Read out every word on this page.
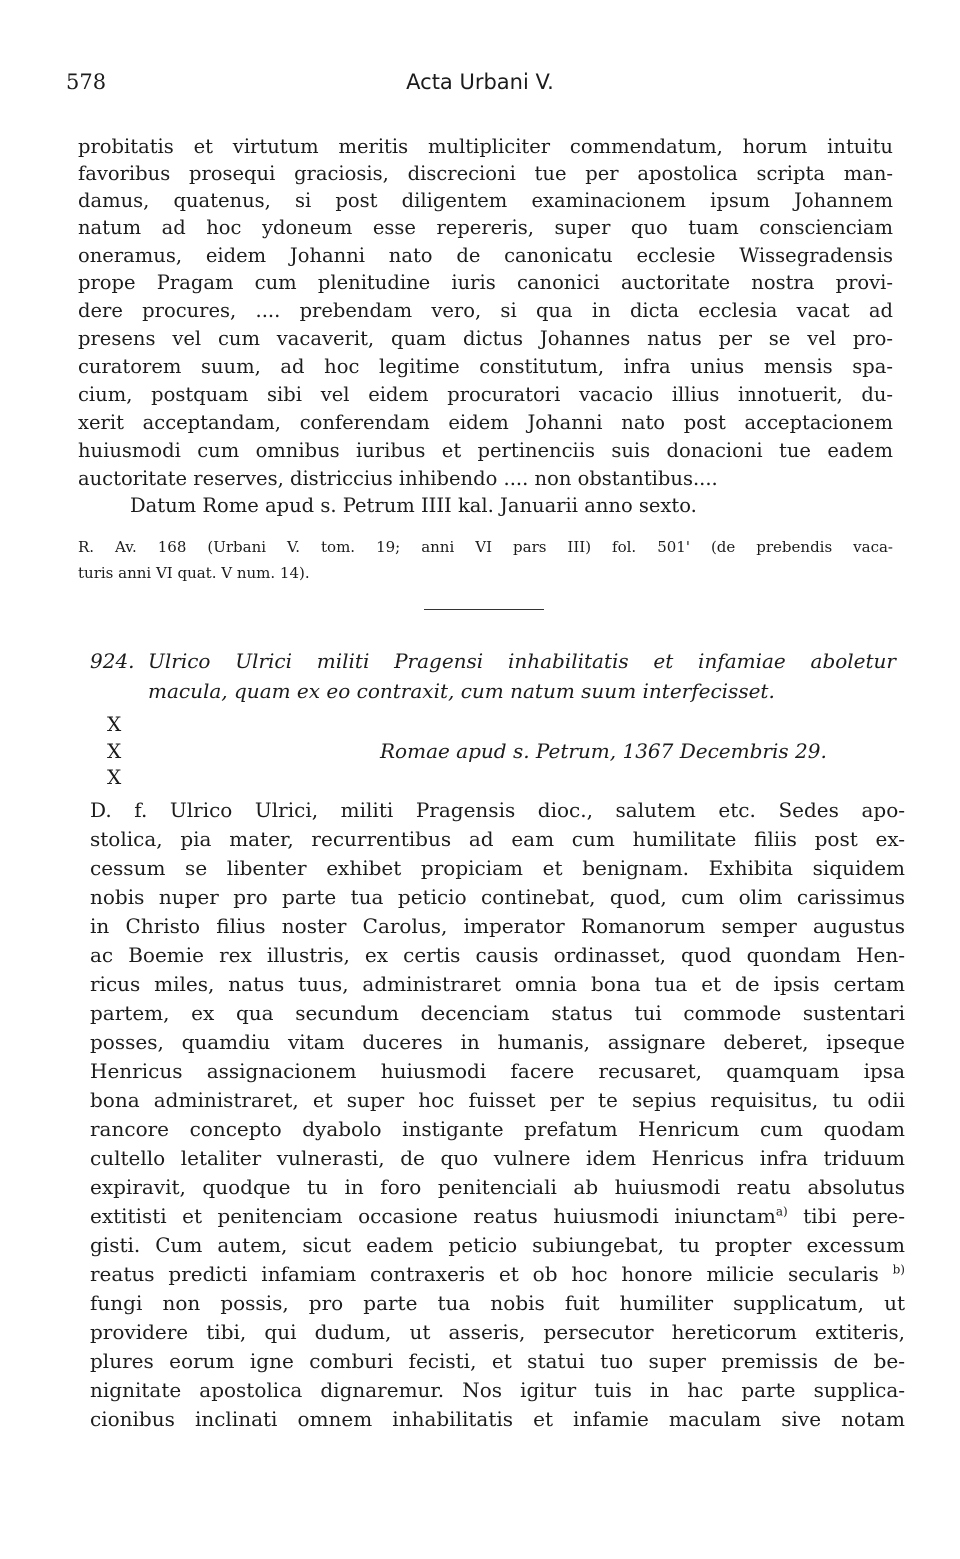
578	Acta Urbani V.
probitatis et virtutum meritis multipliciter commendatum, horum intuitu
favoribus prosequi graciosis, discrecioni tue per apostolica scripta man-
damus, quatenus, si post diligentem examinacionem ipsum Johannem
natum ad hoc ydoneum esse repereris, super quo tuam conscienciam
oneramus, eidem Johanni nato de canonicatu ecclesie Wissegradensis
prope Pragam cum plenitudine iuris canonici auctoritate nostra provi-
dere procures, .... prebendam vero, si qua in dicta ecclesia vacat ad
presens vel cum vacaverit, quam dictus Johannes natus per se vel pro-
curatorem suum, ad hoc legitime constitutum, infra unius mensis spa-
cium, postquam sibi vel eidem procuratori vacacio illius innotuerit, du-
xerit acceptandam, conferendam eidem Johanni nato post acceptacionem
huiusmodi cum omnibus iuribus et pertinenciis suis donacioni tue eadem
auctoritate reserves, districcius inhibendo .... non obstantibus....
Datum Rome apud s. Petrum IIII kal. Januarii anno sexto.
R. Av. 168 (Urbani V. tom. 19; anni VI pars III) fol. 501' (de prebendis vaca-
turis anni VI quat. V num. 14).
924. Ulrico Ulrici militi Pragensi inhabilitatis et infamiae aboletur
macula, quam ex eo contraxit, cum natum suum interfecisset.
X
X
X
Romae apud s. Petrum, 1367 Decembris 29.
D. f. Ulrico Ulrici, militi Pragensis dioc., salutem etc. Sedes apo-
stolica, pia mater, recurrentibus ad eam cum humilitate filiis post ex-
cessum se libenter exhibet propiciam et benignam. Exhibita siquidem
nobis nuper pro parte tua peticio continebat, quod, cum olim carissimus
in Christo filius noster Carolus, imperator Romanorum semper augustus
ac Boemie rex illustris, ex certis causis ordinasset, quod quondam Hen-
ricus miles, natus tuus, administraret omnia bona tua et de ipsis certam
partem, ex qua secundum decenciam status tui commode sustentari
posses, quamdiu vitam duceres in humanis, assignare deberet, ipseque
Henricus assignacionem huiusmodi facere recusaret, quamquam ipsa
bona administraret, et super hoc fuisset per te sepius requisitus, tu odii
rancore concepto dyabolo instigante prefatum Henricum cum quodam
cultello letaliter vulnerasti, de quo vulnere idem Henricus infra triduum
expiravit, quodque tu in foro penitenciali ab huiusmodi reatu absolutus
extitisti et penitenciam occasione reatus huiusmodi iniunctam$^{a)}$ tibi pere-
gisti. Cum autem, sicut eadem peticio subiungebat, tu propter excessum
reatus predicti infamiam contraxeris et ob hoc honore milicie secularis $^{b)}$
fungi non possis, pro parte tua nobis fuit humiliter supplicatum, ut
providere tibi, qui dudum, ut asseris, persecutor hereticorum extiteris,
plures eorum igne comburi fecisti, et statui tuo super premissis de be-
nignitate apostolica dignaremur. Nos igitur tuis in hac parte supplica-
cionibus inclinati omnem inhabilitatis et infamie maculam sive notam
